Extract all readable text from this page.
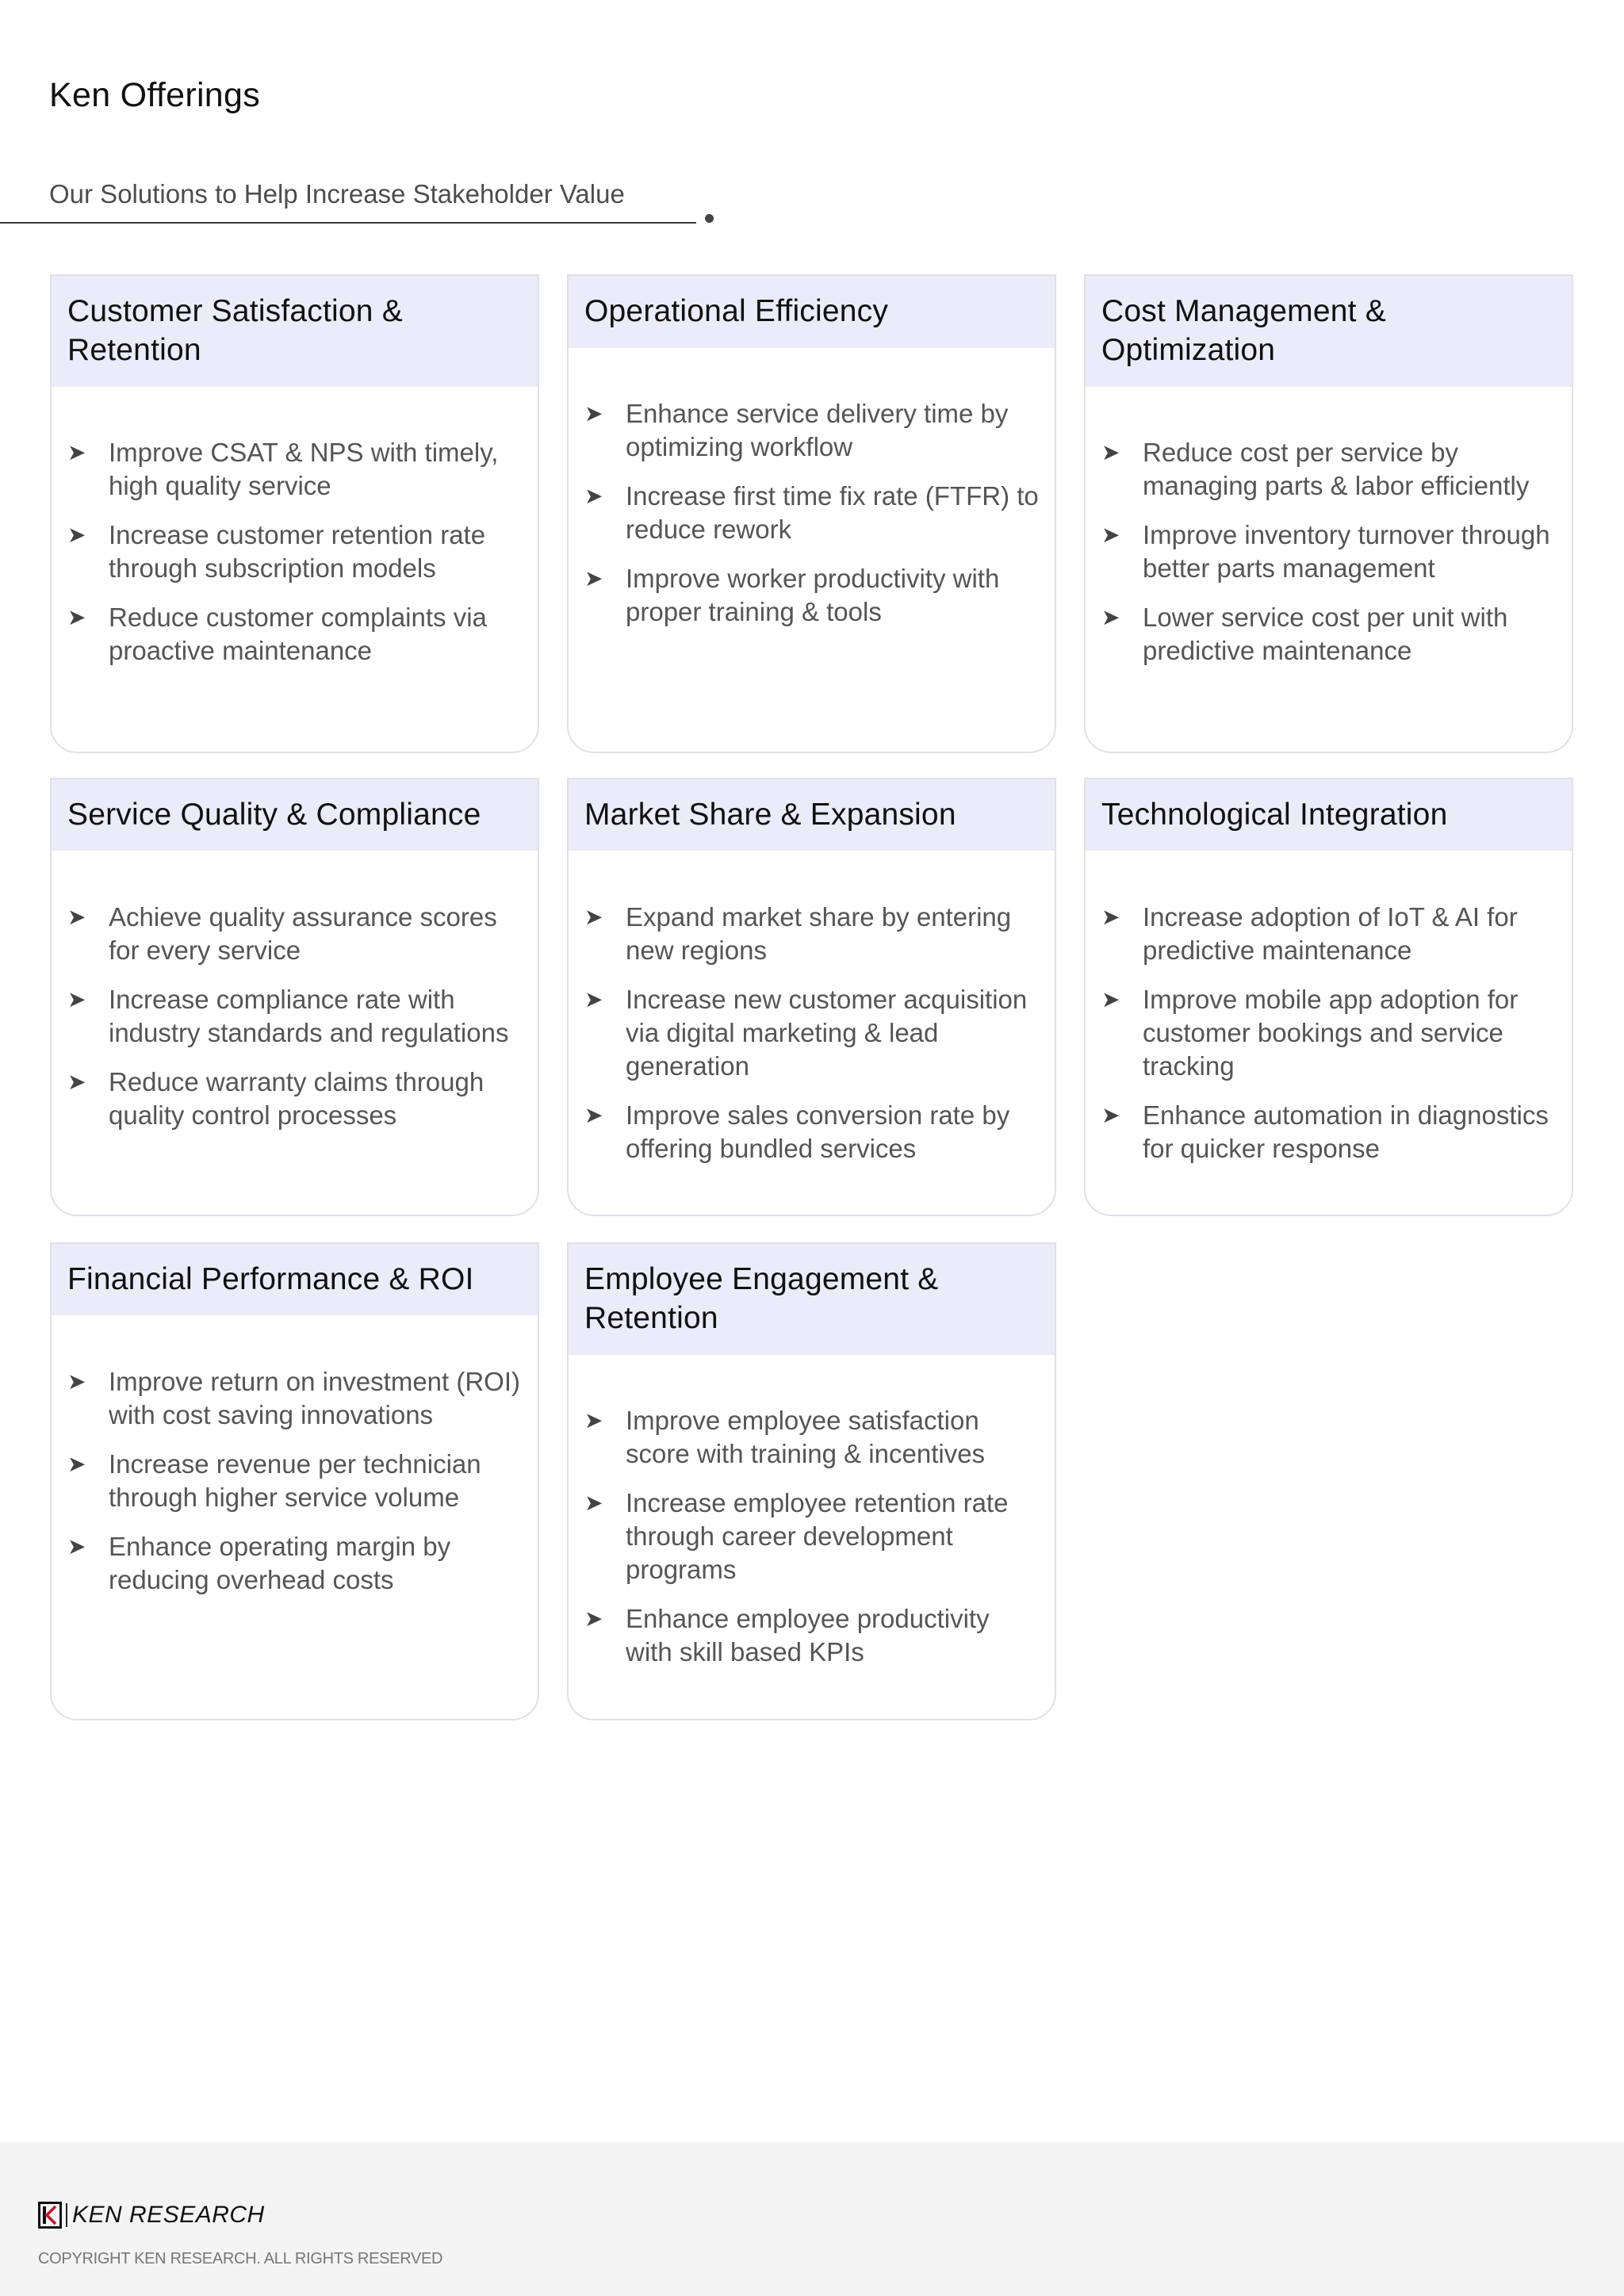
Ken Offerings
Our Solutions to Help Increase Stakeholder Value
Customer Satisfaction & Retention
➤ Improve CSAT & NPS with timely, high quality service
➤ Increase customer retention rate through subscription models
➤ Reduce customer complaints via proactive maintenance
Operational Efficiency
➤ Enhance service delivery time by optimizing workflow
➤ Increase first time fix rate (FTFR) to reduce rework
➤ Improve worker productivity with proper training & tools
Cost Management & Optimization
➤ Reduce cost per service by managing parts & labor efficiently
➤ Improve inventory turnover through better parts management
➤ Lower service cost per unit with predictive maintenance
Service Quality & Compliance
➤ Achieve quality assurance scores for every service
➤ Increase compliance rate with industry standards and regulations
➤ Reduce warranty claims through quality control processes
Market Share & Expansion
➤ Expand market share by entering new regions
➤ Increase new customer acquisition via digital marketing & lead generation
➤ Improve sales conversion rate by offering bundled services
Technological Integration
➤ Increase adoption of IoT & AI for predictive maintenance
➤ Improve mobile app adoption for customer bookings and service tracking
➤ Enhance automation in diagnostics for quicker response
Financial Performance & ROI
➤ Improve return on investment (ROI) with cost saving innovations
➤ Increase revenue per technician through higher service volume
➤ Enhance operating margin by reducing overhead costs
Employee Engagement & Retention
➤ Improve employee satisfaction score with training & incentives
➤ Increase employee retention rate through career development programs
➤ Enhance employee productivity with skill based KPIs
KEN RESEARCH
COPYRIGHT KEN RESEARCH. ALL RIGHTS RESERVED
